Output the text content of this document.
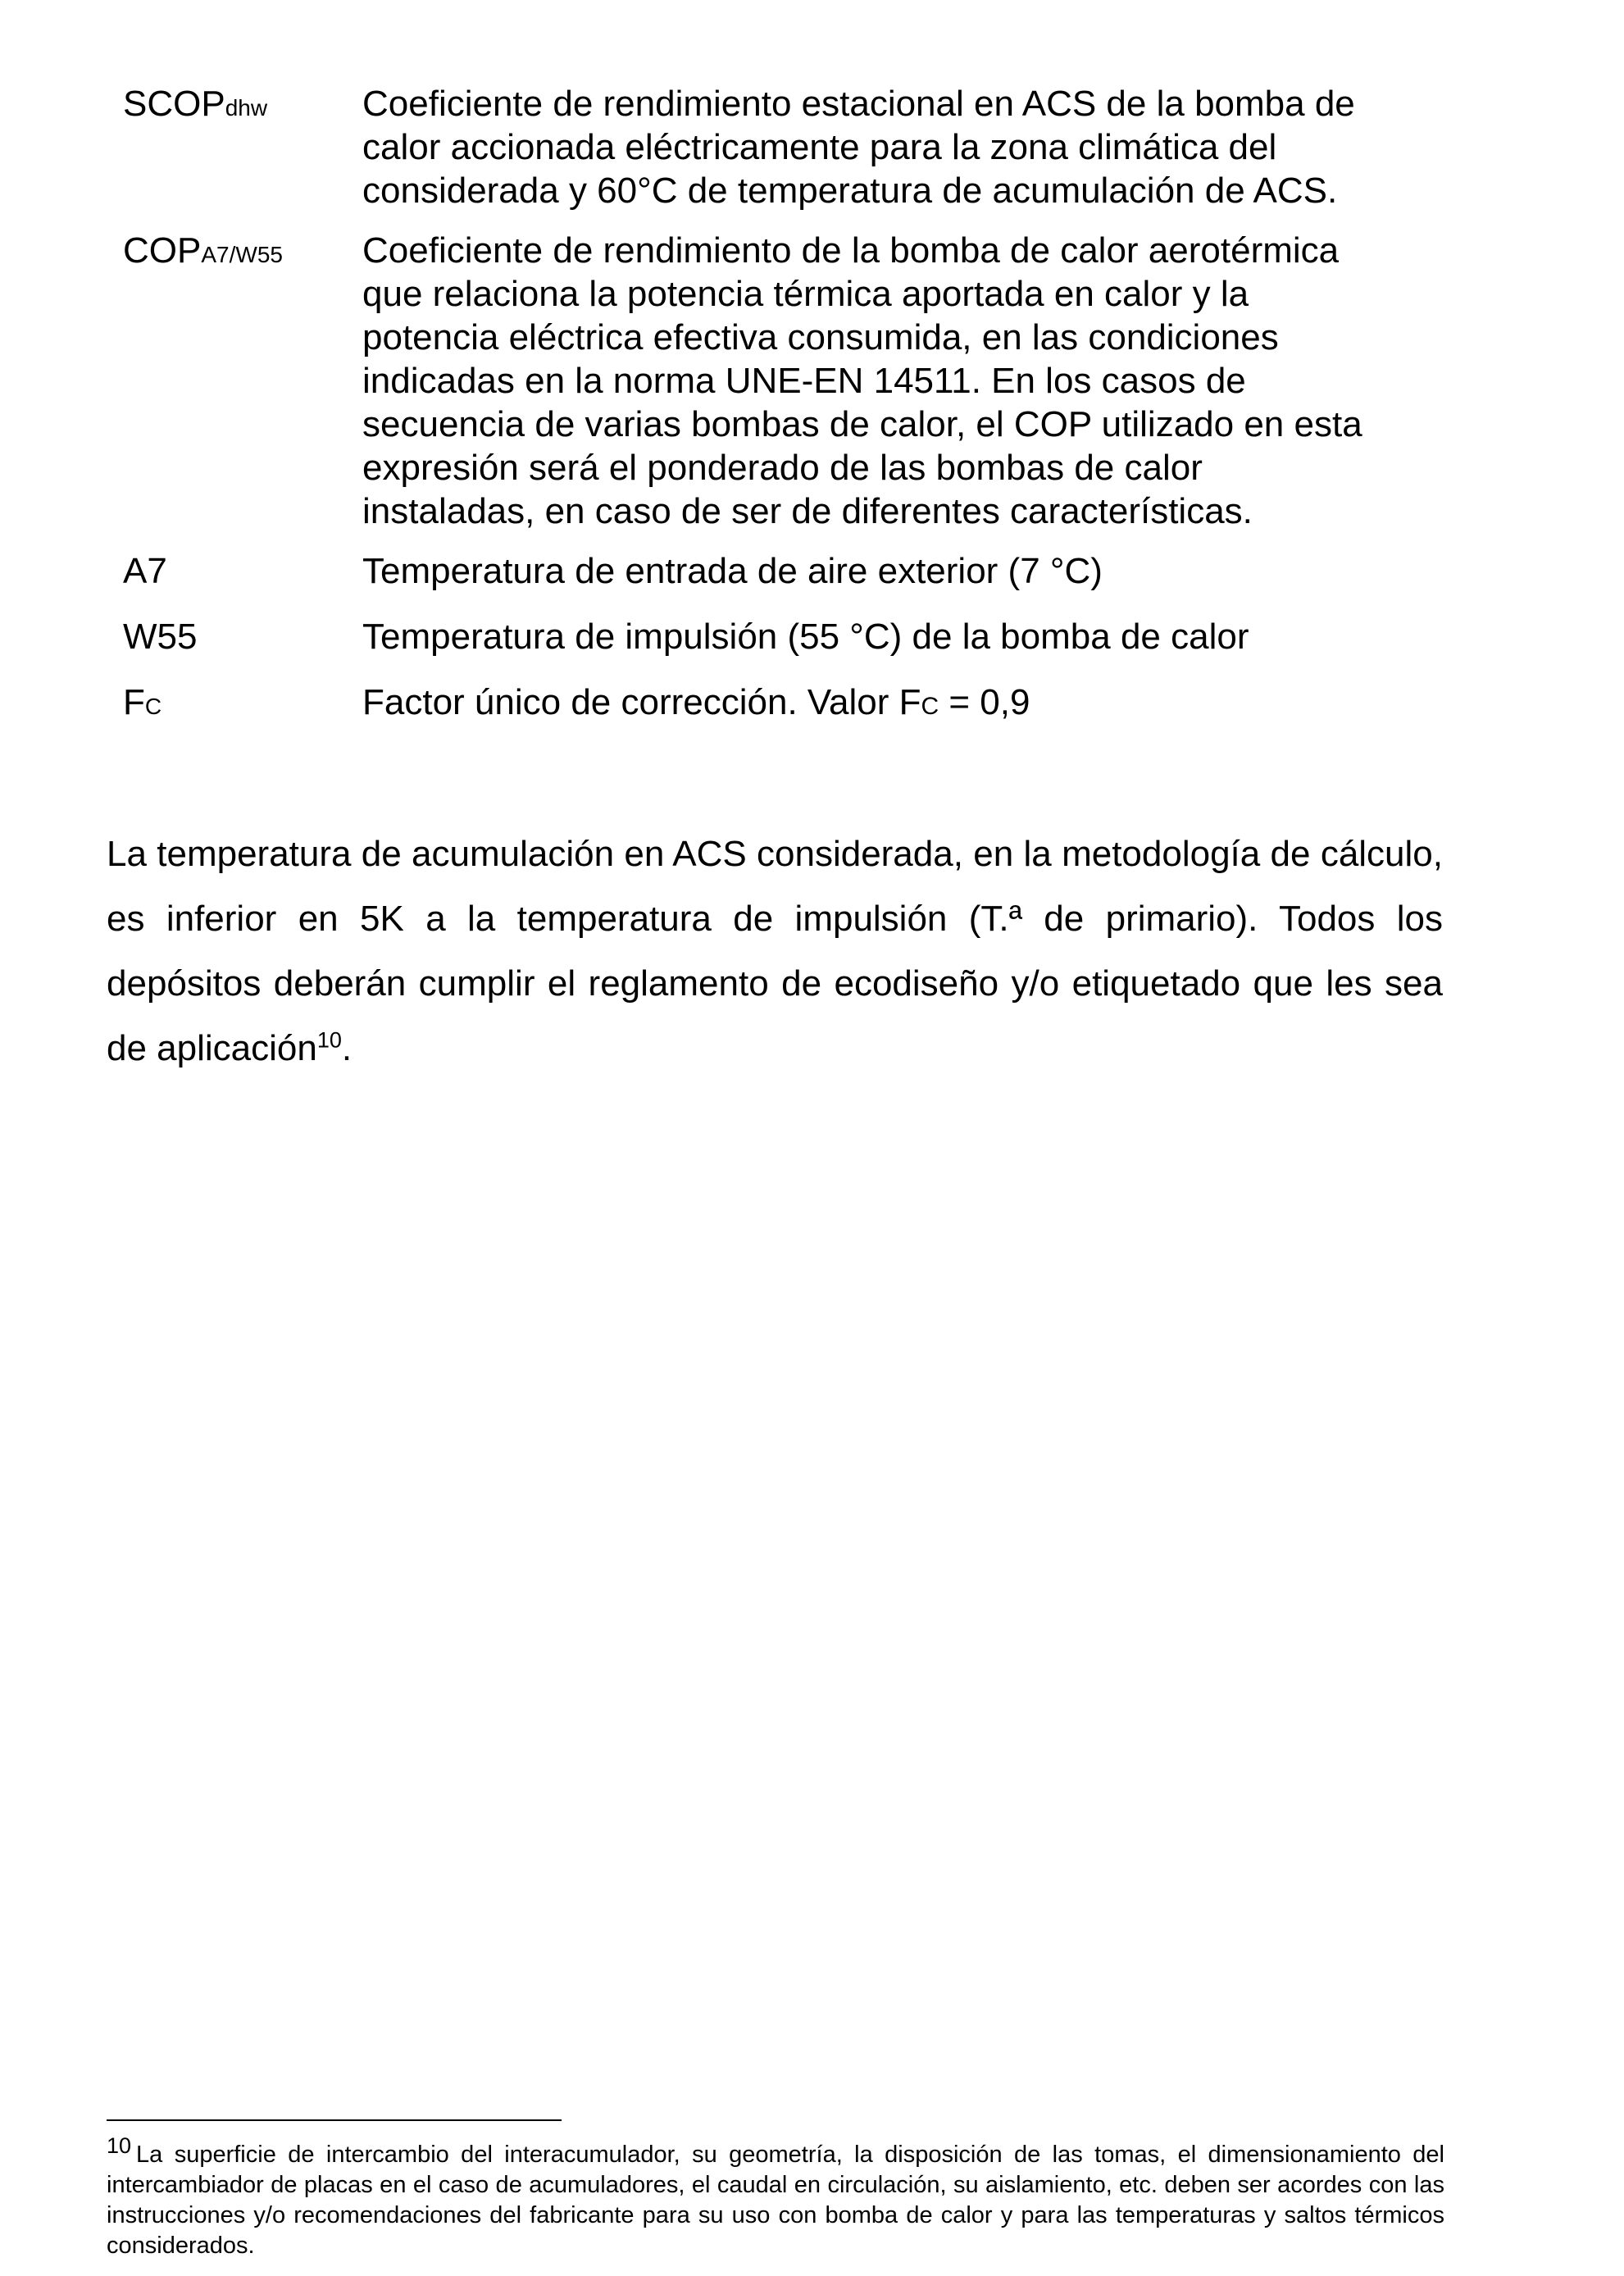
SCOPdhw	Coeficiente de rendimiento estacional en ACS de la bomba de calor accionada eléctricamente para la zona climática del considerada y 60°C de temperatura de acumulación de ACS.
COPA7/W55	Coeficiente de rendimiento de la bomba de calor aerotérmica que relaciona la potencia térmica aportada en calor y la potencia eléctrica efectiva consumida, en las condiciones indicadas en la norma UNE-EN 14511. En los casos de secuencia de varias bombas de calor, el COP utilizado en esta expresión será el ponderado de las bombas de calor instaladas, en caso de ser de diferentes características.
A7	Temperatura de entrada de aire exterior (7 °C)
W55	Temperatura de impulsión (55 °C) de la bomba de calor
FC	Factor único de corrección. Valor FC = 0,9

La temperatura de acumulación en ACS considerada, en la metodología de cálculo, es inferior en 5K a la temperatura de impulsión (T.ª de primario). Todos los depósitos deberán cumplir el reglamento de ecodiseño y/o etiquetado que les sea de aplicación$^{10}$.

10 La superficie de intercambio del interacumulador, su geometría, la disposición de las tomas, el dimensionamiento del intercambiador de placas en el caso de acumuladores, el caudal en circulación, su aislamiento, etc. deben ser acordes con las instrucciones y/o recomendaciones del fabricante para su uso con bomba de calor y para las temperaturas y saltos térmicos considerados.
